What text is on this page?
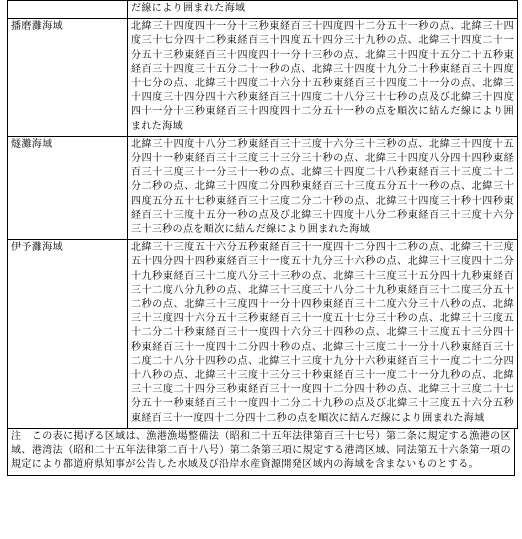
	だ線により囲まれた海域
播磨灘海域	北緯三十四度四十一分十三秒東経百三十四度四十二分五十一秒の点、北緯三十四度三十七分四十二秒東経百三十四度五十四分三十九秒の点、北緯三十四度二十一分五十三秒東経百三十四度四十一分十三秒の点、北緯三十四度十五分二十五秒東経百三十四度三十五分二十一秒の点、北緯三十四度十九分二十秒東経百三十四度十七分の点、北緯三十四度二十六分十五秒東経百三十四度二十一分の点、北緯三十四度三十四分四十六秒東経百三十四度二十八分三十七秒の点及び北緯三十四度四十一分十三秒東経百三十四度四十二分五十一秒の点を順次に結んだ線により囲まれた海域
燧灘海域	北緯三十四度十八分二秒東経百三十三度十六分三十三秒の点、北緯三十四度十五分四十一秒東経百三十三度三十三分三十秒の点、北緯三十四度八分四十四秒東経百三十三度三十一分三十一秒の点、北緯三十四度二十八秒東経百三十三度二十二分二秒の点、北緯三十四度二分四秒東経百三十三度五分五十一秒の点、北緯三十四度五分五十七秒東経百三十三度二分二十秒の点、北緯三十四度三十秒十四秒東経百三十三度十五分一秒の点及び北緯三十四度十八分二秒東経百三十三度十六分三十三秒の点を順次に結んだ線により囲まれた海域
伊予灘海域	北緯三十三度五十六分五秒東経百三十一度四十二分四十二秒の点、北緯三十三度五十四分四十四秒東経百三十一度五十九分三十六秒の点、北緯三十三度四十二分十九秒東経百三十二度八分三十三秒の点、北緯三十三度三十五分四十九秒東経百三十二度八分九秒の点、北緯三十三度三十八分二十九秒東経百三十二度三分五十二秒の点、北緯三十三度四十一分十四秒東経百三十二度六分三十八秒の点、北緯三十三度四十六分五十三秒東経百三十一度五十七分三十秒の点、北緯三十三度五十二分二十秒東経百三十一度四十六分三十四秒の点、北緯三十三度五十三分四十秒東経百三十一度四十二分四十秒の点、北緯三十三度二十一分十八秒東経百三十二度二十八分十四秒の点、北緯三十三度十九分十六秒東経百三十一度二十二分四十八秒の点、北緯三十三度十三分三十秒東経百三十一度二十一分九秒の点、北緯三十三度二十四分三秒東経百三十一度四十二分四十秒の点、北緯三十三度二十七分五十一秒東経百三十一度四十二分二十九秒の点及び北緯三十三度五十六分五秒東経百三十一度四十二分四十二秒の点を順次に結んだ線により囲まれた海域
注　この表に掲げる区域は、漁港漁場整備法（昭和二十五年法律第百三十七号）第二条に規定する漁港の区域、港湾法（昭和二十五年法律第二百十八号）第二条第三項に規定する港湾区域、同法第五十六条第一項の規定により都道府県知事が公告した水域及び沿岸水産資源開発区域内の海域を含まないものとする。
